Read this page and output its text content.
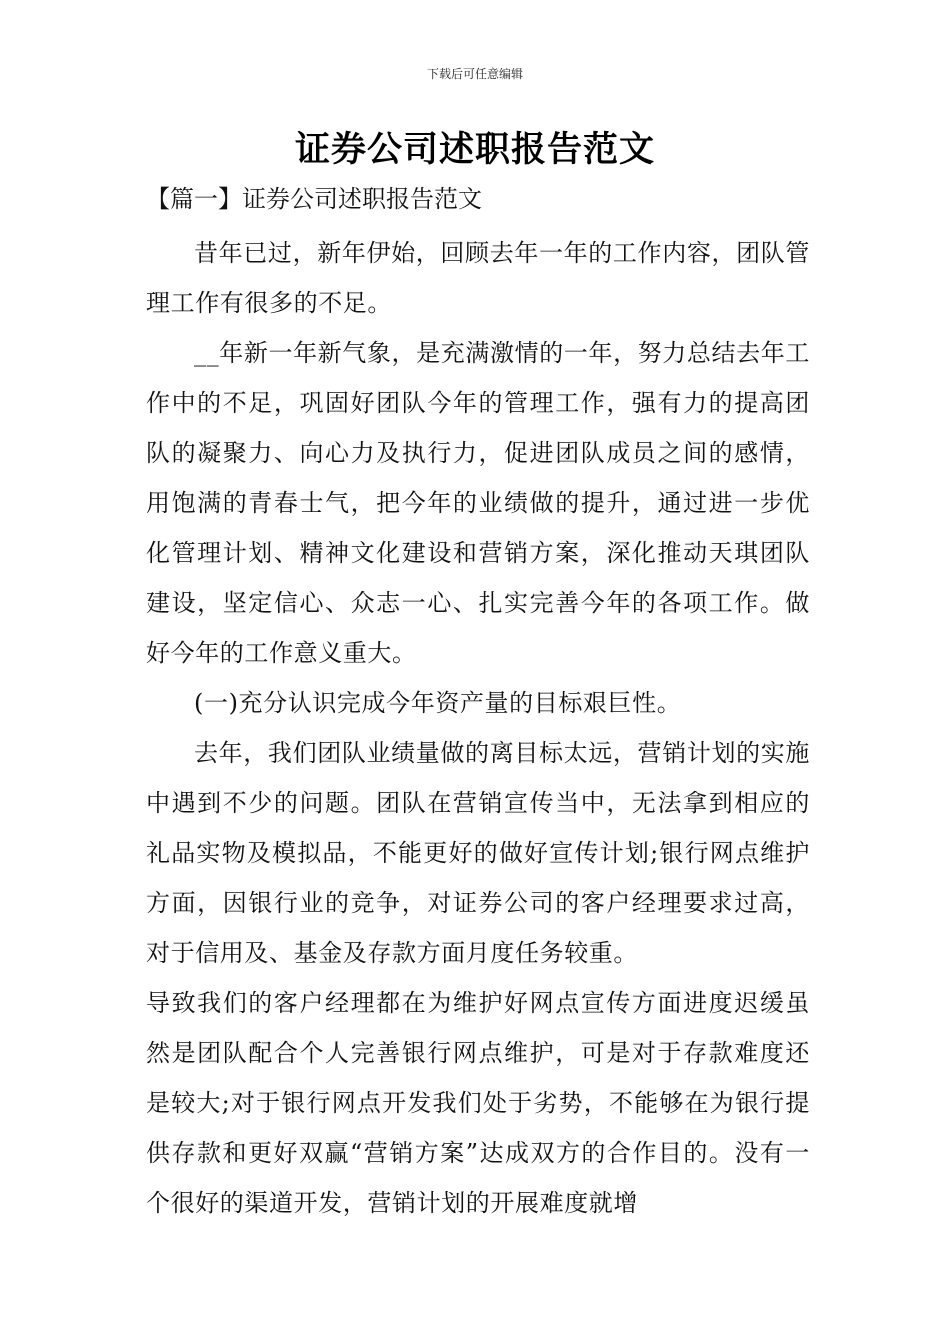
下载后可任意编辑
证券公司述职报告范文
【篇一】证券公司述职报告范文

昔年已过，新年伊始，回顾去年一年的工作内容，团队管理工作有很多的不足。

__年新一年新气象，是充满激情的一年，努力总结去年工作中的不足，巩固好团队今年的管理工作，强有力的提高团队的凝聚力、向心力及执行力，促进团队成员之间的感情，用饱满的青春士气，把今年的业绩做的提升，通过进一步优化管理计划、精神文化建设和营销方案，深化推动天琪团队建设，坚定信心、众志一心、扎实完善今年的各项工作。做好今年的工作意义重大。

(一)充分认识完成今年资产量的目标艰巨性。

去年，我们团队业绩量做的离目标太远，营销计划的实施中遇到不少的问题。团队在营销宣传当中，无法拿到相应的礼品实物及模拟品，不能更好的做好宣传计划;银行网点维护方面，因银行业的竞争，对证券公司的客户经理要求过高，对于信用及、基金及存款方面月度任务较重。

导致我们的客户经理都在为维护好网点宣传方面进度迟缓虽然是团队配合个人完善银行网点维护，可是对于存款难度还是较大;对于银行网点开发我们处于劣势，不能够在为银行提供存款和更好双赢“营销方案”达成双方的合作目的。没有一个很好的渠道开发，营销计划的开展难度就增
